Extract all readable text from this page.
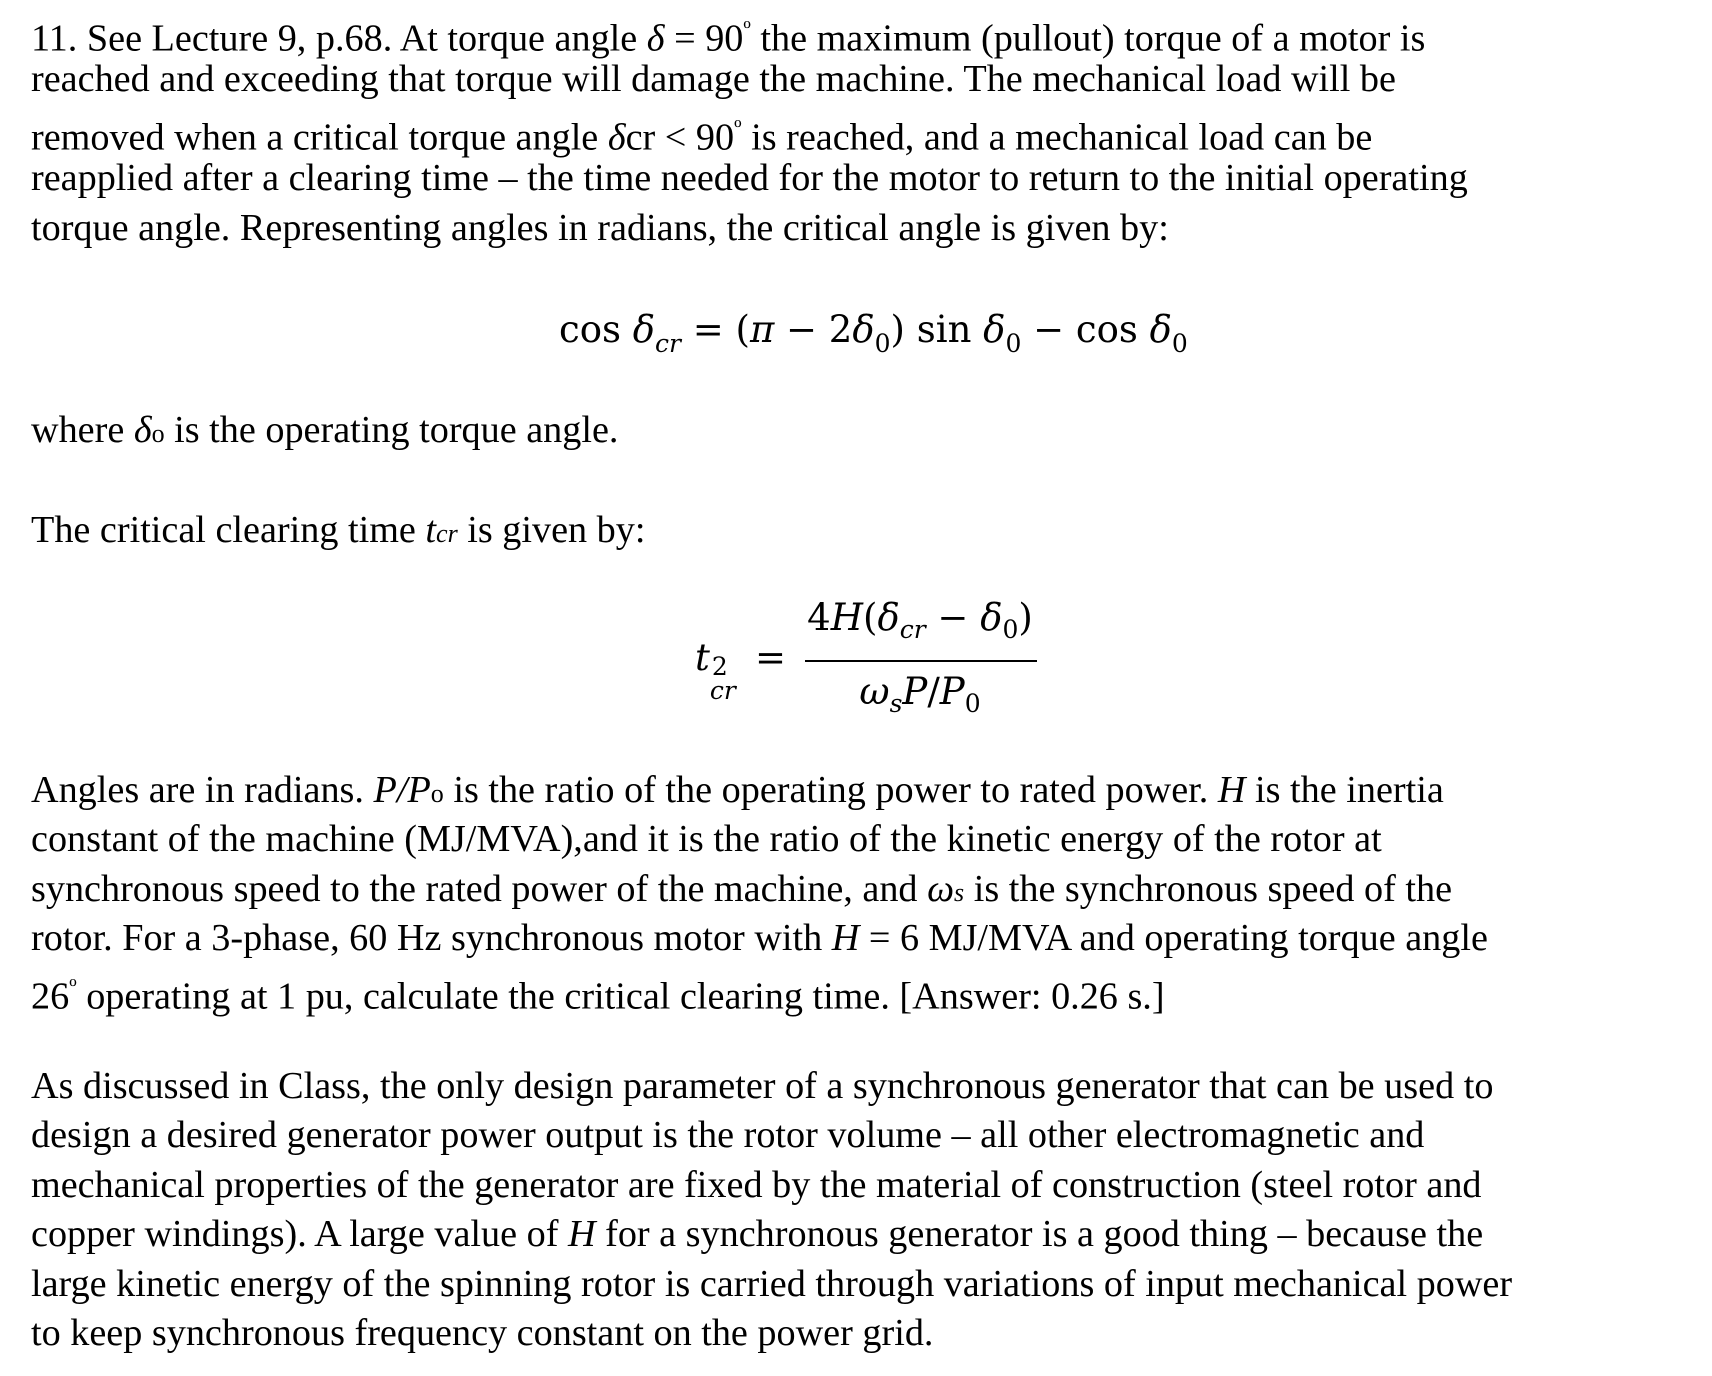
11. See Lecture 9, p.68. At torque angle $\delta = 90^º$ the maximum (pullout) torque of a motor is
reached and exceeding that torque will damage the machine. The mechanical load will be
removed when a critical torque angle $\delta cr < 90^º$ is reached, and a mechanical load can be
reapplied after a clearing time – the time needed for the motor to return to the initial operating
torque angle. Representing angles in radians, the critical angle is given by:

$\cos \delta_{cr} = (\pi - 2\delta_0)$ $\sin \delta_0 - \cos \delta_0$

where δo is the operating torque angle.

The critical clearing time tcr is given by:

t 2
cr
=
$4H(\delta_{cr} - \delta_0)$
$\omega_sP/P_0$

Angles are in radians. P/Po is the ratio of the operating power to rated power. H is the inertia
constant of the machine (MJ/MVA),and it is the ratio of the kinetic energy of the rotor at
synchronous speed to the rated power of the machine, and ωs is the synchronous speed of the
rotor. For a 3-phase, 60 Hz synchronous motor with H = 6 MJ/MVA and operating torque angle
$26^º$ operating at 1 pu, calculate the critical clearing time. [Answer: 0.26 s.]

As discussed in Class, the only design parameter of a synchronous generator that can be used to
design a desired generator power output is the rotor volume – all other electromagnetic and
mechanical properties of the generator are fixed by the material of construction (steel rotor and
copper windings). A large value of H for a synchronous generator is a good thing – because the
large kinetic energy of the spinning rotor is carried through variations of input mechanical power
to keep synchronous frequency constant on the power grid.
